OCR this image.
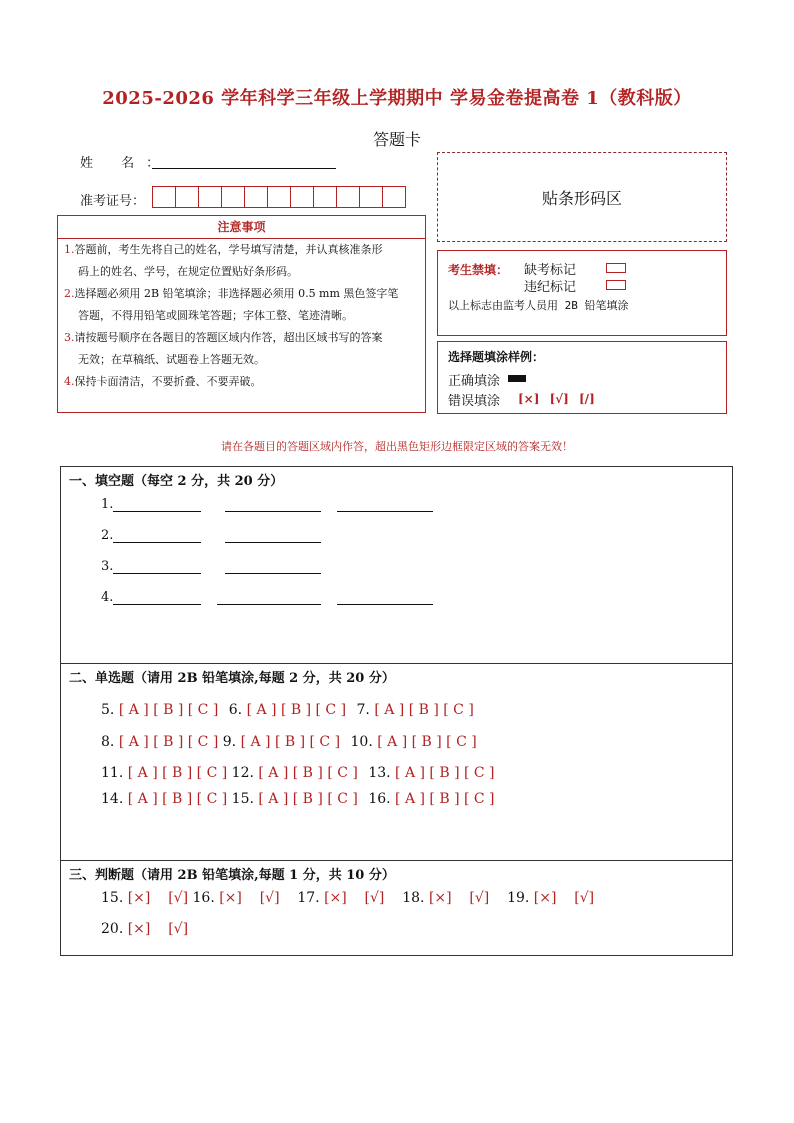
2025-2026 学年科学三年级上学期期中 学易金卷提高卷 1（教科版）
答题卡
姓 名：
准考证号：	贴条形码区
注意事项
1.答题前，考生先将自己的姓名，学号填写清楚，并认真核准条形
码上的姓名、学号，在规定位置贴好条形码。
2.选择题必须用 2B 铅笔填涂；非选择题必须用 0.5 mm 黑色签字笔
答题，不得用铅笔或圆珠笔答题；字体工整、笔迹清晰。
3.请按题号顺序在各题目的答题区域内作答，超出区域书写的答案
无效；在草稿纸、试题卷上答题无效。
4.保持卡面清洁，不要折叠、不要弄破。
考生禁填： 缺考标记
违纪标记
以上标志由监考人员用 2B 铅笔填涂
选择题填涂样例：
正确填涂
错误填涂 [×] [√] [/]
请在各题目的答题区域内作答，超出黑色矩形边框限定区域的答案无效！
一、填空题（每空 2 分，共 20 分）
1.
2.
3.
4.
二、单选题（请用 2B 铅笔填涂,每题 2 分，共 20 分）
5. [ A ] [ B ] [ C ] 6. [ A ] [ B ] [ C ] 7. [ A ] [ B ] [ C ]
8. [ A ] [ B ] [ C ] 9. [ A ] [ B ] [ C ] 10. [ A ] [ B ] [ C ]
11. [ A ] [ B ] [ C ] 12. [ A ] [ B ] [ C ] 13. [ A ] [ B ] [ C ]
14. [ A ] [ B ] [ C ] 15. [ A ] [ B ] [ C ] 16. [ A ] [ B ] [ C ]
三、判断题（请用 2B 铅笔填涂,每题 1 分，共 10 分）
15. [×] [√] 16. [×] [√] 17. [×] [√] 18. [×] [√] 19. [×] [√]
20. [×] [√]
